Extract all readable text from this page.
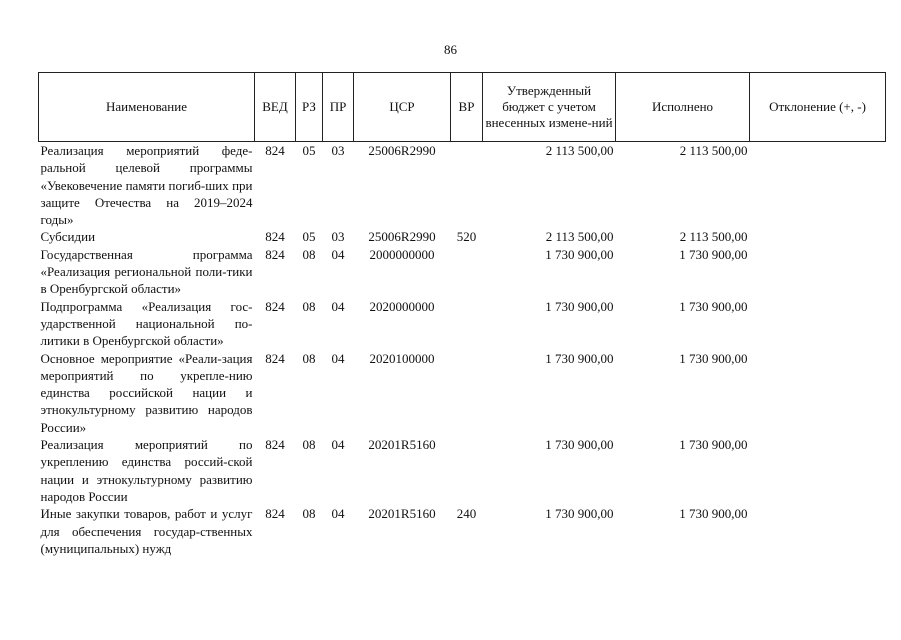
86
Наименование	ВЕД	РЗ	ПР	ЦСР	ВР	Утвержденный бюджет с учетом внесенных измене-ний	Исполнено	Отклонение (+, -)
Реализация мероприятий феде-ральной целевой программы «Увековечение памяти погиб-ших при защите Отечества на 2019–2024 годы»	824	05	03	25006R2990		2 113 500,00	2 113 500,00	
Субсидии	824	05	03	25006R2990	520	2 113 500,00	2 113 500,00	
Государственная программа «Реализация региональной поли-тики в Оренбургской области»	824	08	04	2000000000		1 730 900,00	1 730 900,00	
Подпрограмма «Реализация гос-ударственной национальной по-литики в Оренбургской области»	824	08	04	2020000000		1 730 900,00	1 730 900,00	
Основное мероприятие «Реали-зация мероприятий по укрепле-нию единства российской нации и этнокультурному развитию народов России»	824	08	04	2020100000		1 730 900,00	1 730 900,00	
Реализация мероприятий по укреплению единства россий-ской нации и этнокультурному развитию народов России	824	08	04	20201R5160		1 730 900,00	1 730 900,00	
Иные закупки товаров, работ и услуг для обеспечения государ-ственных (муниципальных) нужд	824	08	04	20201R5160	240	1 730 900,00	1 730 900,00	
